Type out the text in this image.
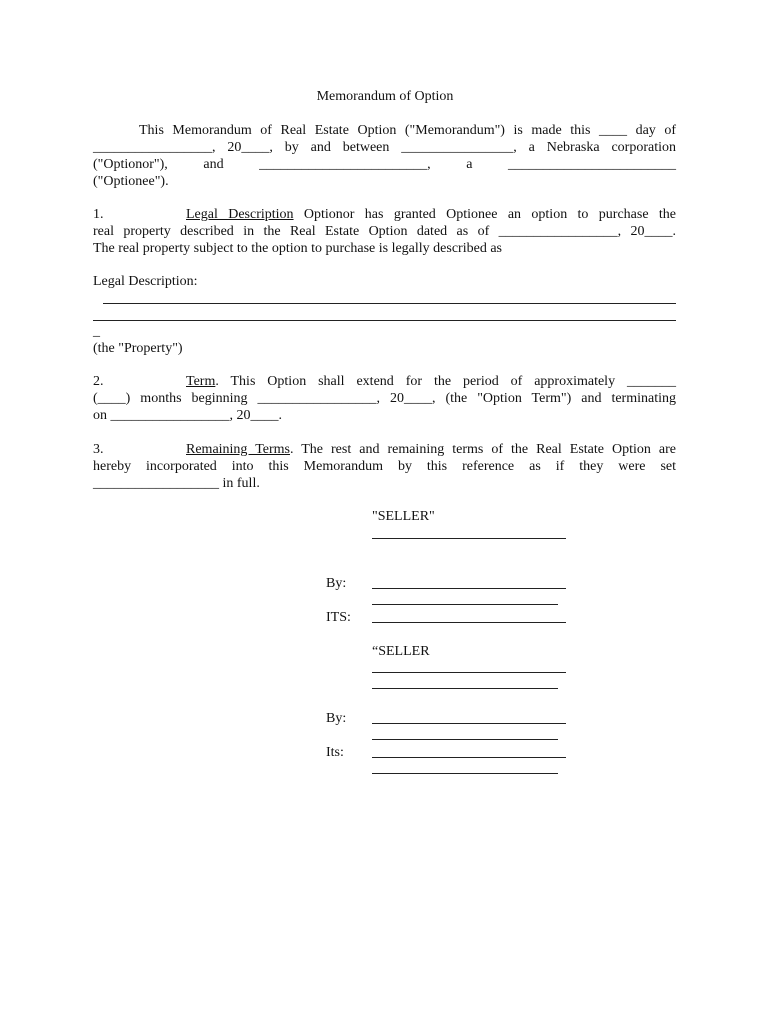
Memorandum of Option
This Memorandum of Real Estate Option ("Memorandum") is made this ____ day of
_________________, 20____, by and between ________________, a Nebraska corporation
("Optionor"),	and	________________________,	a	________________________
("Optionee").
1.	Legal Description Optionor has granted Optionee an option to purchase the
real property described in the Real Estate Option dated as of _________________, 20____.
The real property subject to the option to purchase is legally described as
Legal Description:
_
(the "Property")
2.	Term. This Option shall extend for the period of approximately _______
(____) months beginning _________________, 20____, (the "Option Term") and terminating
on _________________, 20____.
3.	Remaining Terms. The rest and remaining terms of the Real Estate Option are
hereby incorporated into this Memorandum by this reference as if they were set
__________________ in full.
"SELLER"
By:
ITS:
“SELLER
By:
Its:
